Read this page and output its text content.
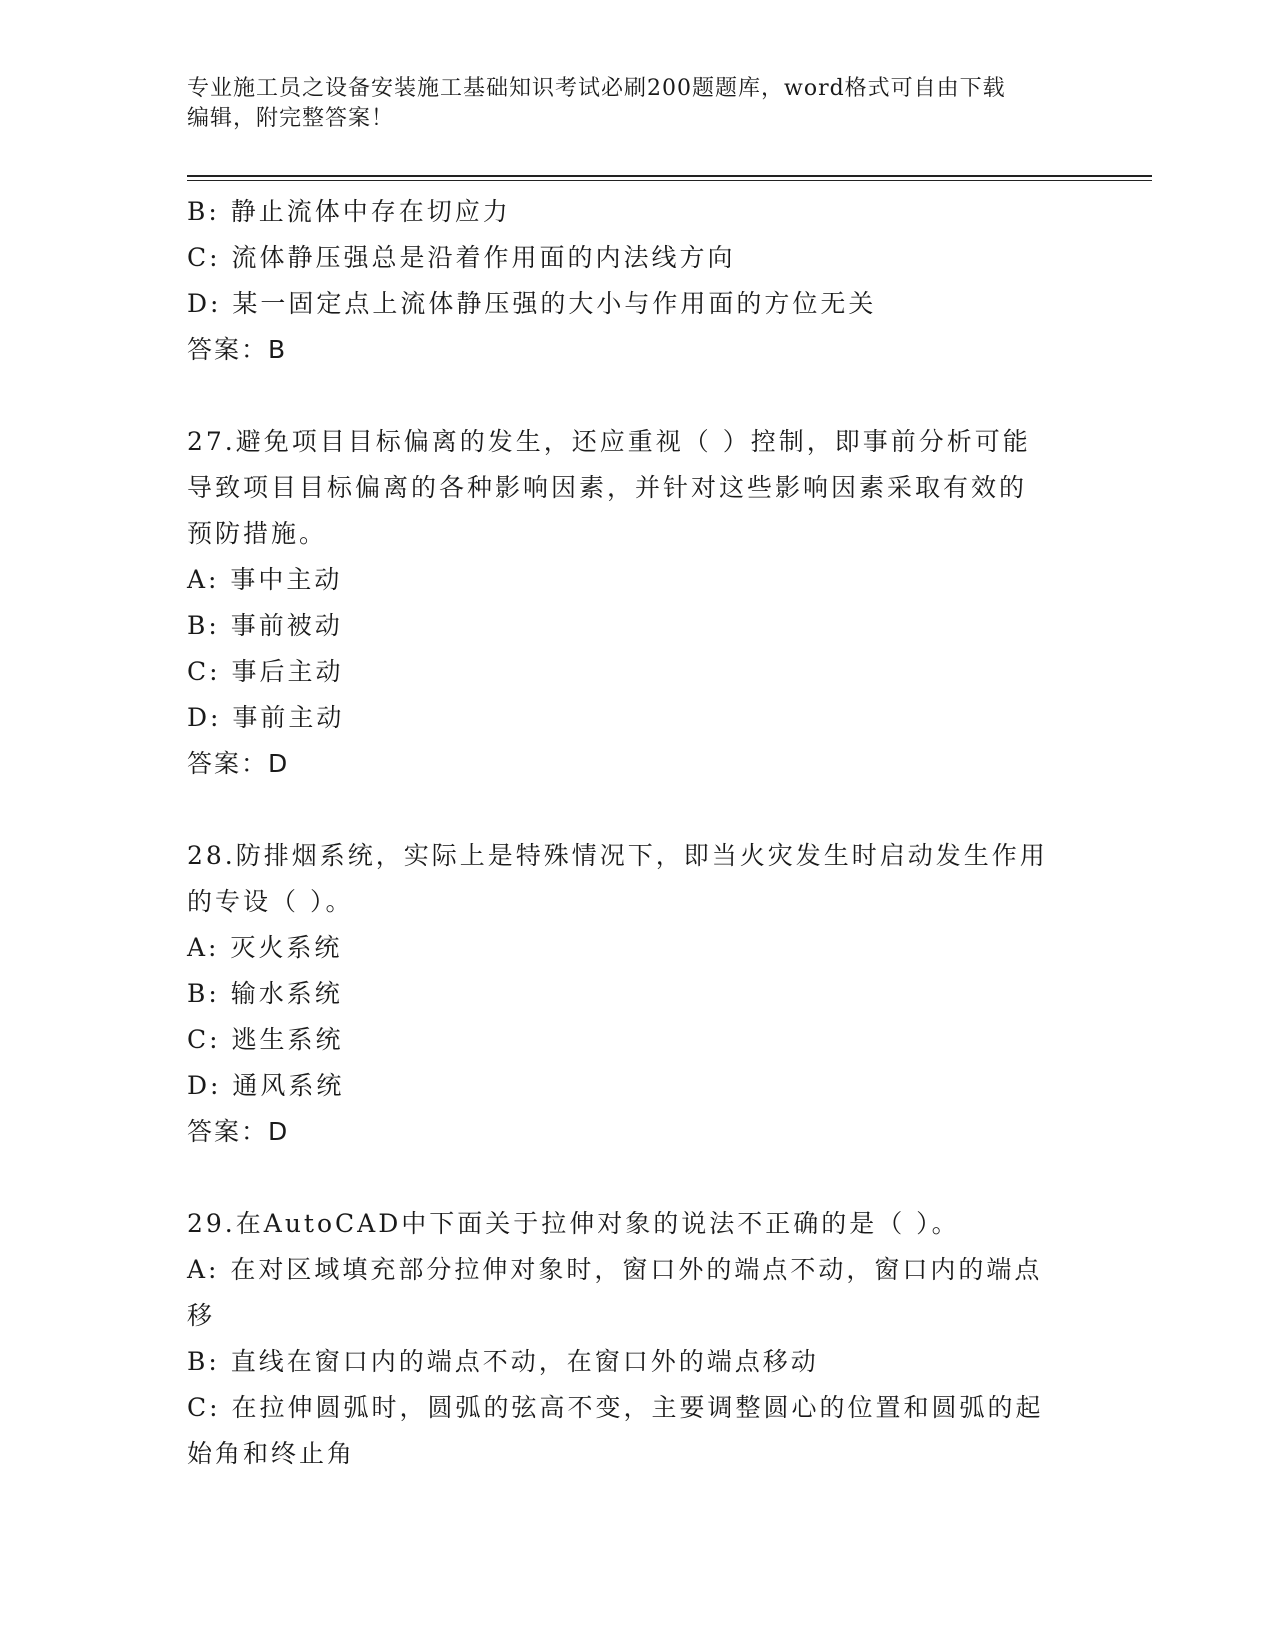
专业施工员之设备安装施工基础知识考试必刷200题题库，word格式可自由下载
编辑，附完整答案！
B: 静止流体中存在切应力
C: 流体静压强总是沿着作用面的内法线方向
D: 某一固定点上流体静压强的大小与作用面的方位无关
答案：B
27.避免项目目标偏离的发生，还应重视（ ）控制，即事前分析可能
导致项目目标偏离的各种影响因素，并针对这些影响因素采取有效的
预防措施。
A: 事中主动
B: 事前被动
C: 事后主动
D: 事前主动
答案：D
28.防排烟系统，实际上是特殊情况下，即当火灾发生时启动发生作用
的专设（ ）。
A: 灭火系统
B: 输水系统
C: 逃生系统
D: 通风系统
答案：D
29.在AutoCAD中下面关于拉伸对象的说法不正确的是（ ）。
A: 在对区域填充部分拉伸对象时，窗口外的端点不动，窗口内的端点
移
B: 直线在窗口内的端点不动，在窗口外的端点移动
C: 在拉伸圆弧时，圆弧的弦高不变，主要调整圆心的位置和圆弧的起
始角和终止角
